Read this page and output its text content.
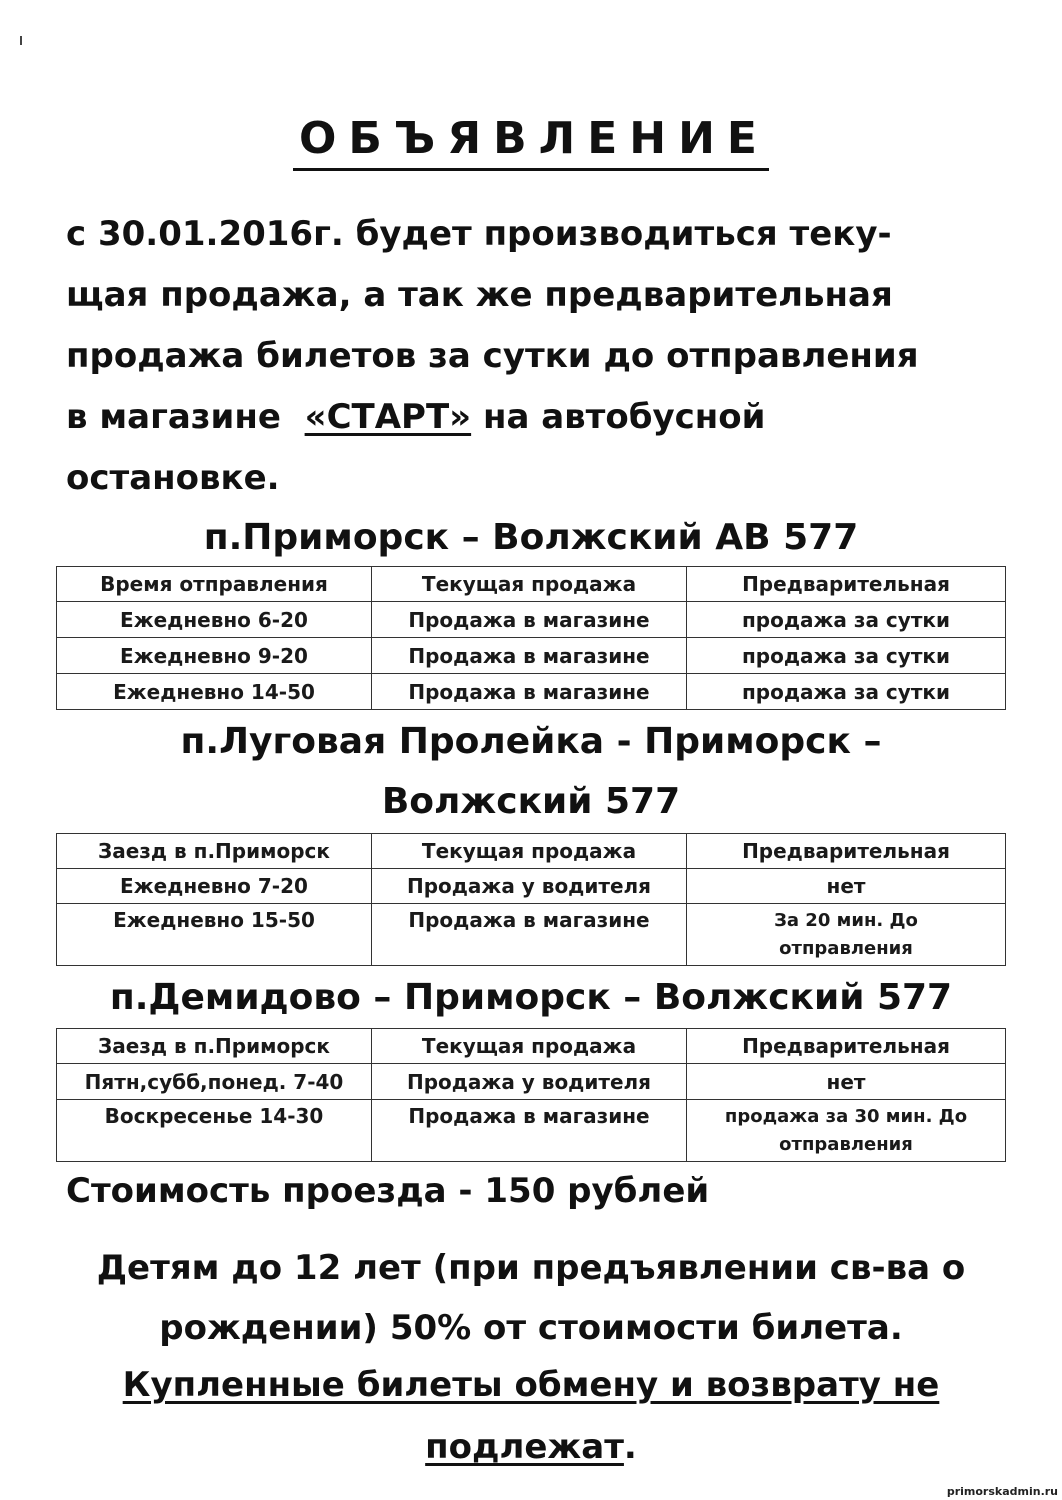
ОБЪЯВЛЕНИЕ
с 30.01.2016г. будет производиться теку-
щая продажа, а так же предварительная
продажа билетов за сутки до отправления
в магазине  «СТАРТ» на автобусной
остановке.
п.Приморск – Волжский АВ 577
Время отправления	Текущая продажа	Предварительная
Ежедневно 6-20	Продажа в магазине	продажа за сутки
Ежедневно 9-20	Продажа в магазине	продажа за сутки
Ежедневно 14-50	Продажа в магазине	продажа за сутки
п.Луговая Пролейка - Приморск –
Волжский 577
Заезд в п.Приморск	Текущая продажа	Предварительная
Ежедневно 7-20	Продажа у водителя	нет
Ежедневно 15-50	Продажа в магазине	За 20 мин. До
отправления
п.Демидово – Приморск – Волжский 577
Заезд в п.Приморск	Текущая продажа	Предварительная
Пятн,субб,понед. 7-40	Продажа у водителя	нет
Воскресенье 14-30	Продажа в магазине	продажа за 30 мин. До
отправления
Стоимость проезда - 150 рублей
Детям до 12 лет (при предъявлении св-ва о
рождении) 50% от стоимости билета.
Купленные билеты обмену и возврату не
подлежат.
primorskadmin.ru
